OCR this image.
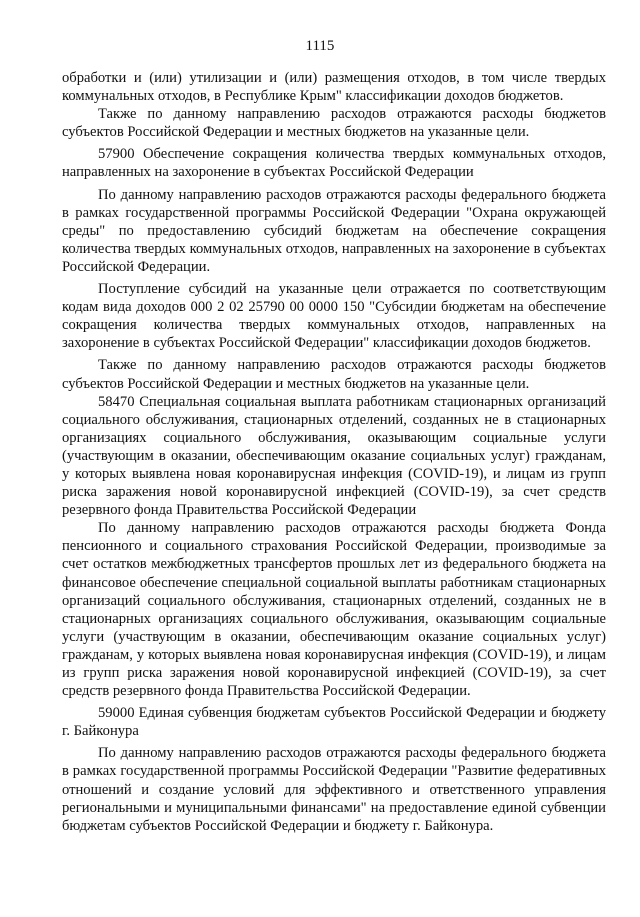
1115

обработки и (или) утилизации и (или) размещения отходов, в том числе твердых коммунальных отходов, в Республике Крым" классификации доходов бюджетов.

Также по данному направлению расходов отражаются расходы бюджетов субъектов Российской Федерации и местных бюджетов на указанные цели.

57900 Обеспечение сокращения количества твердых коммунальных отходов, направленных на захоронение в субъектах Российской Федерации

По данному направлению расходов отражаются расходы федерального бюджета в рамках государственной программы Российской Федерации "Охрана окружающей среды" по предоставлению субсидий бюджетам на обеспечение сокращения количества твердых коммунальных отходов, направленных на захоронение в субъектах Российской Федерации.

Поступление субсидий на указанные цели отражается по соответствующим кодам вида доходов 000 2 02 25790 00 0000 150 "Субсидии бюджетам на обеспечение сокращения количества твердых коммунальных отходов, направленных на захоронение в субъектах Российской Федерации" классификации доходов бюджетов.

Также по данному направлению расходов отражаются расходы бюджетов субъектов Российской Федерации и местных бюджетов на указанные цели.

58470 Специальная социальная выплата работникам стационарных организаций социального обслуживания, стационарных отделений, созданных не в стационарных организациях социального обслуживания, оказывающим социальные услуги (участвующим в оказании, обеспечивающим оказание социальных услуг) гражданам, у которых выявлена новая коронавирусная инфекция (COVID-19), и лицам из групп риска заражения новой коронавирусной инфекцией (COVID-19), за счет средств резервного фонда Правительства Российской Федерации

По данному направлению расходов отражаются расходы бюджета Фонда пенсионного и социального страхования Российской Федерации, производимые за счет остатков межбюджетных трансфертов прошлых лет из федерального бюджета на финансовое обеспечение специальной социальной выплаты работникам стационарных организаций социального обслуживания, стационарных отделений, созданных не в стационарных организациях социального обслуживания, оказывающим социальные услуги (участвующим в оказании, обеспечивающим оказание социальных услуг) гражданам, у которых выявлена новая коронавирусная инфекция (COVID-19), и лицам из групп риска заражения новой коронавирусной инфекцией (COVID-19), за счет средств резервного фонда Правительства Российской Федерации.

59000 Единая субвенция бюджетам субъектов Российской Федерации и бюджету г. Байконура

По данному направлению расходов отражаются расходы федерального бюджета в рамках государственной программы Российской Федерации "Развитие федеративных отношений и создание условий для эффективного и ответственного управления региональными и муниципальными финансами" на предоставление единой субвенции бюджетам субъектов Российской Федерации и бюджету г. Байконура.
